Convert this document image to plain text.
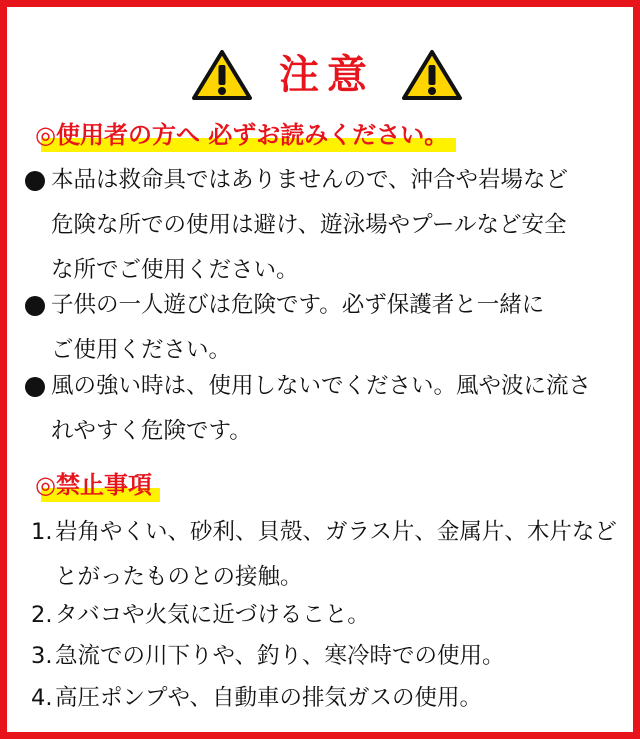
注意
◎使用者の方へ 必ずお読みください。
本品は救命具ではありませんので、沖合や岩場など
危険な所での使用は避け、遊泳場やプールなど安全
な所でご使用ください。
子供の一人遊びは危険です。必ず保護者と一緒に
ご使用ください。
風の強い時は、使用しないでください。風や波に流さ
れやすく危険です。
◎禁止事項
1. 岩角やくい、砂利、貝殻、ガラス片、金属片、木片など
とがったものとの接触。
2. タバコや火気に近づけること。
3. 急流での川下りや、釣り、寒冷時での使用。
4. 高圧ポンプや、自動車の排気ガスの使用。
